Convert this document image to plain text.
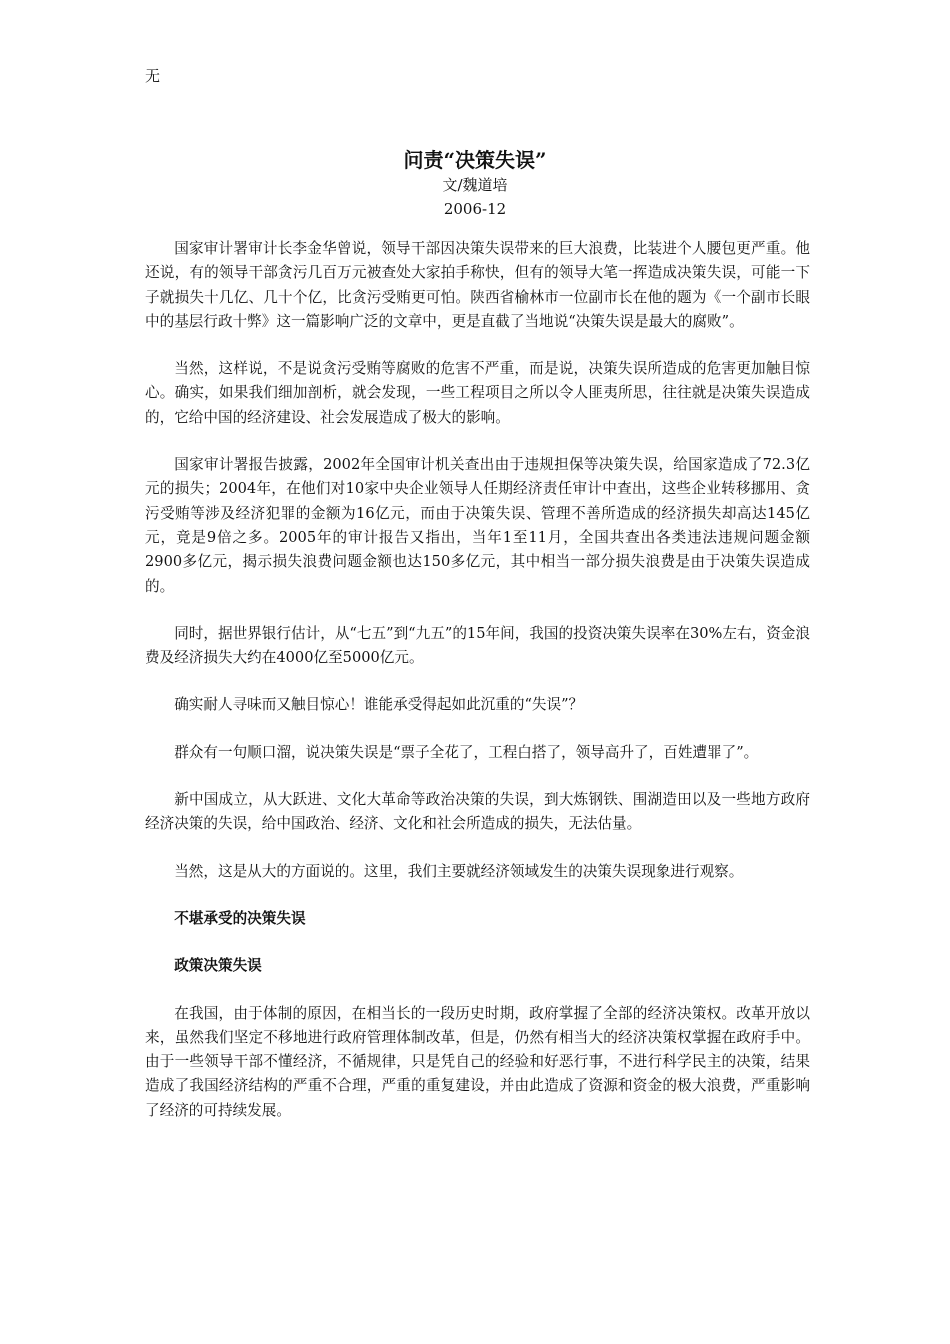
无
问责“决策失误”
文/魏道培
2006-12

国家审计署审计长李金华曾说，领导干部因决策失误带来的巨大浪费，比装进个人腰包更严重。他还说，有的领导干部贪污几百万元被查处大家拍手称快，但有的领导大笔一挥造成决策失误，可能一下子就损失十几亿、几十个亿，比贪污受贿更可怕。陕西省榆林市一位副市长在他的题为《一个副市长眼中的基层行政十弊》这一篇影响广泛的文章中，更是直截了当地说“决策失误是最大的腐败”。

当然，这样说，不是说贪污受贿等腐败的危害不严重，而是说，决策失误所造成的危害更加触目惊心。确实，如果我们细加剖析，就会发现，一些工程项目之所以令人匪夷所思，往往就是决策失误造成的，它给中国的经济建设、社会发展造成了极大的影响。

国家审计署报告披露，2002年全国审计机关查出由于违规担保等决策失误，给国家造成了72.3亿元的损失；2004年，在他们对10家中央企业领导人任期经济责任审计中查出，这些企业转移挪用、贪污受贿等涉及经济犯罪的金额为16亿元，而由于决策失误、管理不善所造成的经济损失却高达145亿元，竟是9倍之多。2005年的审计报告又指出，当年1至11月，全国共查出各类违法违规问题金额2900多亿元，揭示损失浪费问题金额也达150多亿元，其中相当一部分损失浪费是由于决策失误造成的。

同时，据世界银行估计，从“七五”到“九五”的15年间，我国的投资决策失误率在30%左右，资金浪费及经济损失大约在4000亿至5000亿元。

确实耐人寻味而又触目惊心！谁能承受得起如此沉重的“失误”？

群众有一句顺口溜，说决策失误是“票子全花了，工程白搭了，领导高升了，百姓遭罪了”。

新中国成立，从大跃进、文化大革命等政治决策的失误，到大炼钢铁、围湖造田以及一些地方政府经济决策的失误，给中国政治、经济、文化和社会所造成的损失，无法估量。

当然，这是从大的方面说的。这里，我们主要就经济领域发生的决策失误现象进行观察。

不堪承受的决策失误

政策决策失误

在我国，由于体制的原因，在相当长的一段历史时期，政府掌握了全部的经济决策权。改革开放以来，虽然我们坚定不移地进行政府管理体制改革，但是，仍然有相当大的经济决策权掌握在政府手中。由于一些领导干部不懂经济，不循规律，只是凭自己的经验和好恶行事，不进行科学民主的决策，结果造成了我国经济结构的严重不合理，严重的重复建设，并由此造成了资源和资金的极大浪费，严重影响了经济的可持续发展。
